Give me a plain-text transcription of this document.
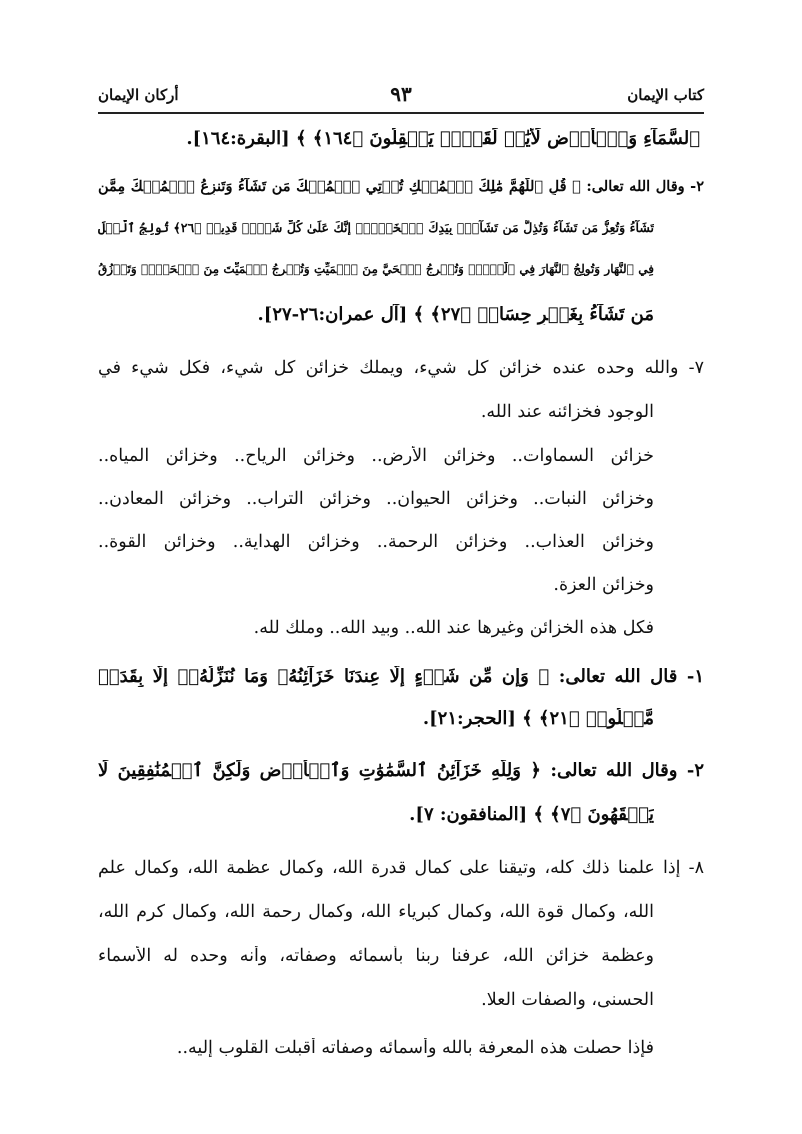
كتاب الإيمان
٩٣
أركان الإيمان
ٱلسَّمَآءِ وَٱلۡأَرۡضِ لَأٓيَٰتٖ لِّقَوۡمٖ يَعۡقِلُونَ ﴿١٦٤﴾ ﴾ [البقرة:١٦٤].
٢- وقال الله تعالى: ﴿ قُلِ ٱللَّهُمَّ مَٰلِكَ ٱلۡمُلۡكِ تُؤۡتِي ٱلۡمُلۡكَ مَن تَشَآءُ وَتَنزِعُ ٱلۡمُلۡكَ مِمَّن
تَشَآءُ وَتُعِزُّ مَن تَشَآءُ وَتُذِلُّ مَن تَشَآءُۖ بِيَدِكَ ٱلۡخَيۡرُۖ إِنَّكَ عَلَىٰ كُلِّ شَيۡءٖ قَدِيرٞ ﴿٢٦﴾ تُولِجُ ٱلَّيۡلَ
فِي ٱلنَّهَارِ وَتُولِجُ ٱلنَّهَارَ فِي ٱلَّيۡلِۖ وَتُخۡرِجُ ٱلۡحَيَّ مِنَ ٱلۡمَيِّتِ وَتُخۡرِجُ ٱلۡمَيِّتَ مِنَ ٱلۡحَيِّۖ وَتَرۡزُقُ
مَن تَشَآءُ بِغَيۡرِ حِسَابٖ ﴿٢٧﴾ ﴾ [آل عمران:٢٦-٢٧].
٧- والله وحده عنده خزائن كل شيء، ويملك خزائن كل شيء، فكل شيء في
الوجود فخزائنه عند الله.
خزائن السماوات.. وخزائن الأرض.. وخزائن الرياح.. وخزائن المياه..
وخزائن النبات.. وخزائن الحيوان.. وخزائن التراب.. وخزائن المعادن..
وخزائن العذاب.. وخزائن الرحمة.. وخزائن الهداية.. وخزائن القوة..
وخزائن العزة.
فكل هذه الخزائن وغيرها عند الله.. وبيد الله.. وملك لله.
١- قال الله تعالى: ﴿ وَإِن مِّن شَيۡءٍ إِلَّا عِندَنَا خَزَآئِنُهُۥ وَمَا نُنَزِّلُهُۥٓ إِلَّا بِقَدَرٖ
مَّعۡلُومٖ ﴿٢١﴾ ﴾ [الحجر:٢١].
٢- وقال الله تعالى: ﴿ وَلِلَّهِ خَزَآئِنُ ٱلسَّمَٰوَٰتِ وَٱلۡأَرۡضِ وَلَٰكِنَّ ٱلۡمُنَٰفِقِينَ لَا
يَفۡقَهُونَ ﴿٧﴾ ﴾ [المنافقون: ٧].
٨- إذا علمنا ذلك كله، وتيقنا على كمال قدرة الله، وكمال عظمة الله، وكمال علم
الله، وكمال قوة الله، وكمال كبرياء الله، وكمال رحمة الله، وكمال كرم الله،
وعظمة خزائن الله، عرفنا ربنا بأسمائه وصفاته، وأنه وحده له الأسماء
الحسنى، والصفات العلا.
فإذا حصلت هذه المعرفة بالله وأسمائه وصفاته أقبلت القلوب إليه..
